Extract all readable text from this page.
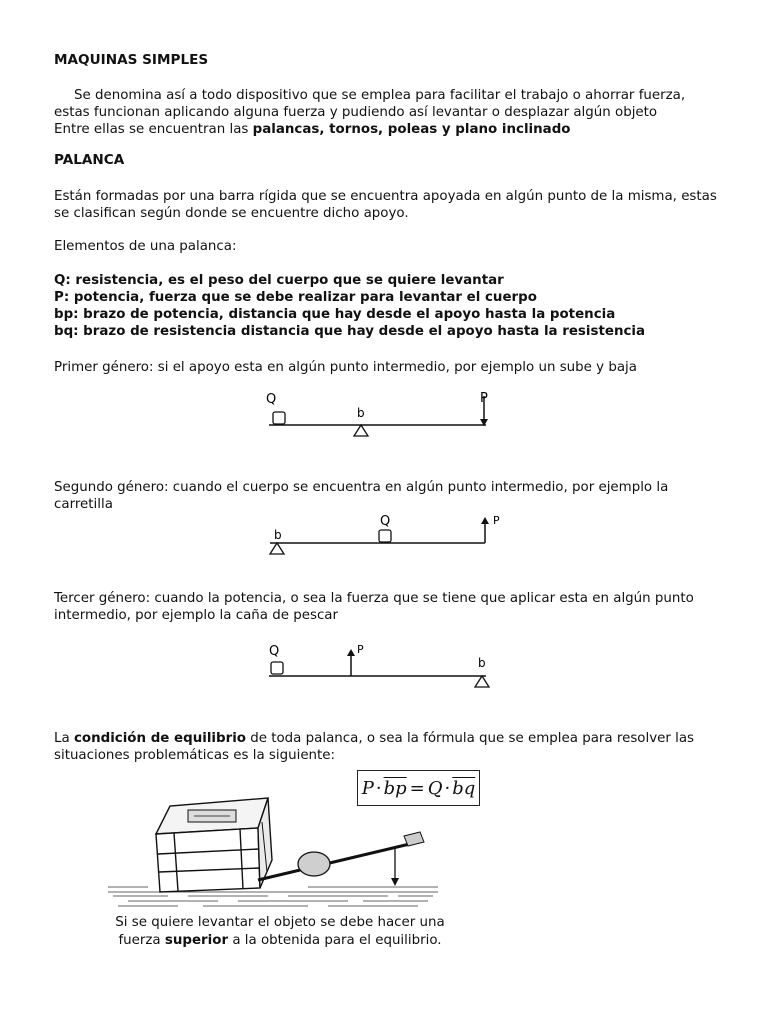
MAQUINAS SIMPLES
Se denomina así a todo dispositivo que se emplea para facilitar el trabajo o ahorrar fuerza,
estas funcionan aplicando alguna fuerza y pudiendo así levantar o desplazar algún objeto
Entre ellas se encuentran las palancas, tornos, poleas y plano inclinado
PALANCA
Están formadas por una barra rígida que se encuentra apoyada en algún punto de la misma, estas
se clasifican según donde se encuentre dicho apoyo.
Elementos de una palanca:
Q: resistencia, es el peso del cuerpo que se quiere levantar
P: potencia, fuerza que se debe realizar para levantar el cuerpo
bp: brazo de potencia, distancia que hay desde el apoyo hasta la potencia
bq: brazo de resistencia distancia que hay desde el apoyo hasta la resistencia
Primer género: si el apoyo esta en algún punto intermedio, por ejemplo un sube y baja
Q
b
P
Segundo género: cuando el cuerpo se encuentra en algún punto intermedio, por ejemplo la
carretilla
b
Q	P
Tercer género: cuando la potencia, o sea la fuerza que se tiene que aplicar esta en algún punto
intermedio, por ejemplo la caña de pescar
Q	P
b
La condición de equilibrio de toda palanca, o sea la fórmula que se emplea para resolver las
situaciones problemáticas es la siguiente:
$P \cdot \overline{bp} = Q \cdot \overline{bq}$
Si se quiere levantar el objeto se debe hacer una
fuerza superior a la obtenida para el equilibrio.
